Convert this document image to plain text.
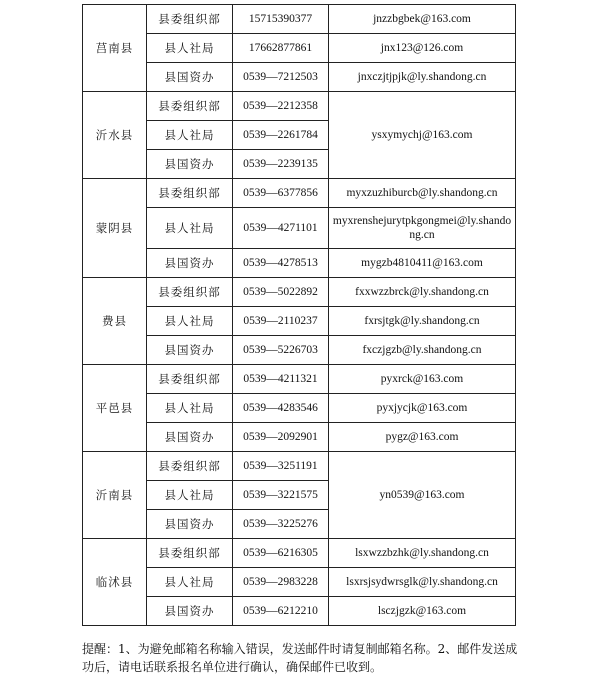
莒南县	县委组织部	15715390377	jnzzbgbek@163.com
	县人社局	17662877861	jnx123@126.com
	县国资办	0539—7212503	jnxczjtjpjk@ly.shandong.cn
沂水县	县委组织部	0539—2212358	ysxymychj@163.com
	县人社局	0539—2261784	
	县国资办	0539—2239135	
蒙阴县	县委组织部	0539—6377856	myxzuzhiburcb@ly.shandong.cn
	县人社局	0539—4271101	myxrenshejurytpkgongmei@ly.shandong.cn
	县国资办	0539—4278513	mygzb4810411@163.com
费县	县委组织部	0539—5022892	fxxwzzbrck@ly.shandong.cn
	县人社局	0539—2110237	fxrsjtgk@ly.shandong.cn
	县国资办	0539—5226703	fxczjgzb@ly.shandong.cn
平邑县	县委组织部	0539—4211321	pyxrck@163.com
	县人社局	0539—4283546	pyxjycjk@163.com
	县国资办	0539—2092901	pygz@163.com
沂南县	县委组织部	0539—3251191	yn0539@163.com
	县人社局	0539—3221575	
	县国资办	0539—3225276	
临沭县	县委组织部	0539—6216305	lsxwzzbzhk@ly.shandong.cn
	县人社局	0539—2983228	lsxrsjsydwrsglk@ly.shandong.cn
	县国资办	0539—6212210	lsczjgzk@163.com
提醒：1、为避免邮箱名称输入错误，发送邮件时请复制邮箱名称。2、邮件发送成功后，请电话联系报名单位进行确认，确保邮件已收到。
